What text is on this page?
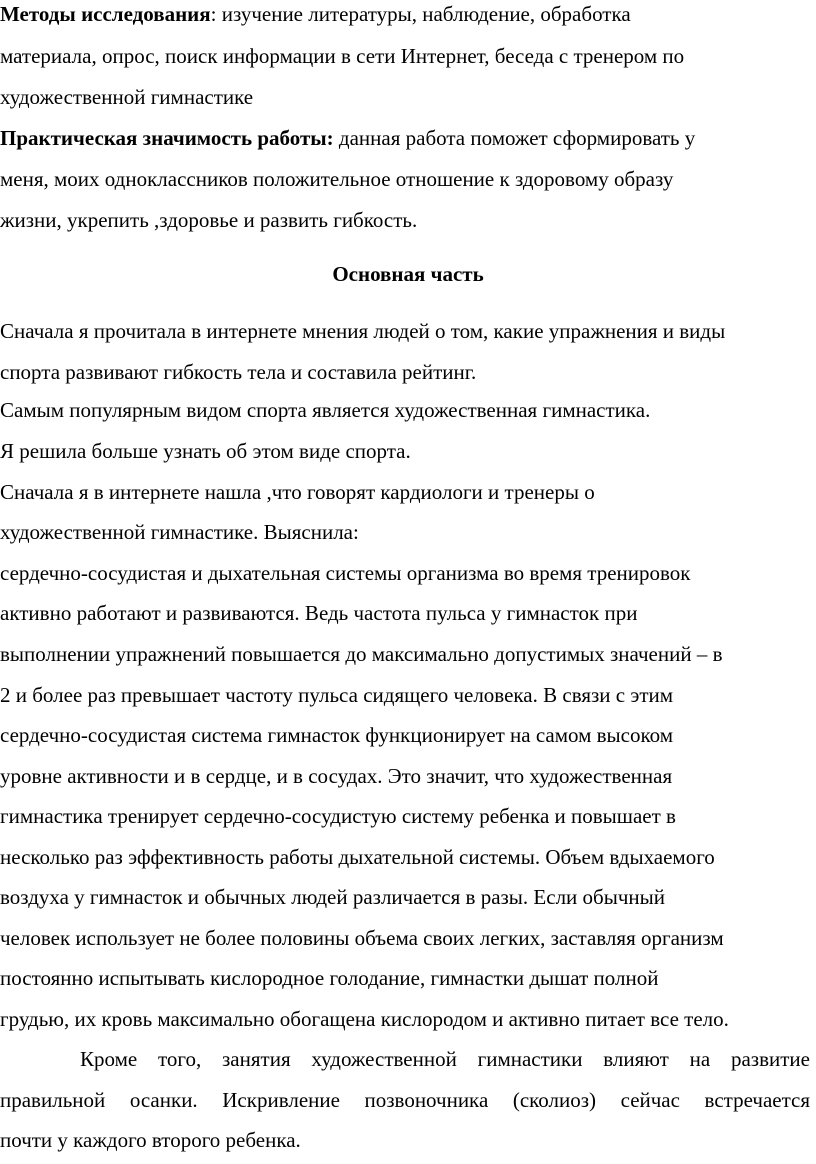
Методы исследования: изучение литературы, наблюдение, обработка
материала, опрос, поиск информации в сети Интернет, беседа с тренером по
художественной гимнастике
Практическая значимость работы: данная работа поможет сформировать у
меня, моих одноклассников положительное отношение к здоровому образу
жизни, укрепить ,здоровье и развить гибкость.
Основная часть
Сначала я прочитала в интернете мнения людей о том, какие упражнения и виды
спорта развивают гибкость тела и составила рейтинг.
Самым популярным видом спорта является художественная гимнастика.
Я решила больше узнать об этом виде спорта.
Сначала я в интернете нашла ,что говорят кардиологи и тренеры о
художественной гимнастике. Выяснила:
сердечно-сосудистая и дыхательная системы организма во время тренировок
активно работают и развиваются. Ведь частота пульса у гимнасток при
выполнении упражнений повышается до максимально допустимых значений – в
2 и более раз превышает частоту пульса сидящего человека. В связи с этим
сердечно-сосудистая система гимнасток функционирует на самом высоком
уровне активности и в сердце, и в сосудах. Это значит, что художественная
гимнастика тренирует сердечно-сосудистую систему ребенка и повышает в
несколько раз эффективность работы дыхательной системы. Объем вдыхаемого
воздуха у гимнасток и обычных людей различается в разы. Если обычный
человек использует не более половины объема своих легких, заставляя организм
постоянно испытывать кислородное голодание, гимнастки дышат полной
грудью, их кровь максимально обогащена кислородом и активно питает все тело.
Кроме того, занятия художественной гимнастики влияют на развитие
правильной осанки. Искривление позвоночника (сколиоз) сейчас встречается
почти у каждого второго ребенка.
